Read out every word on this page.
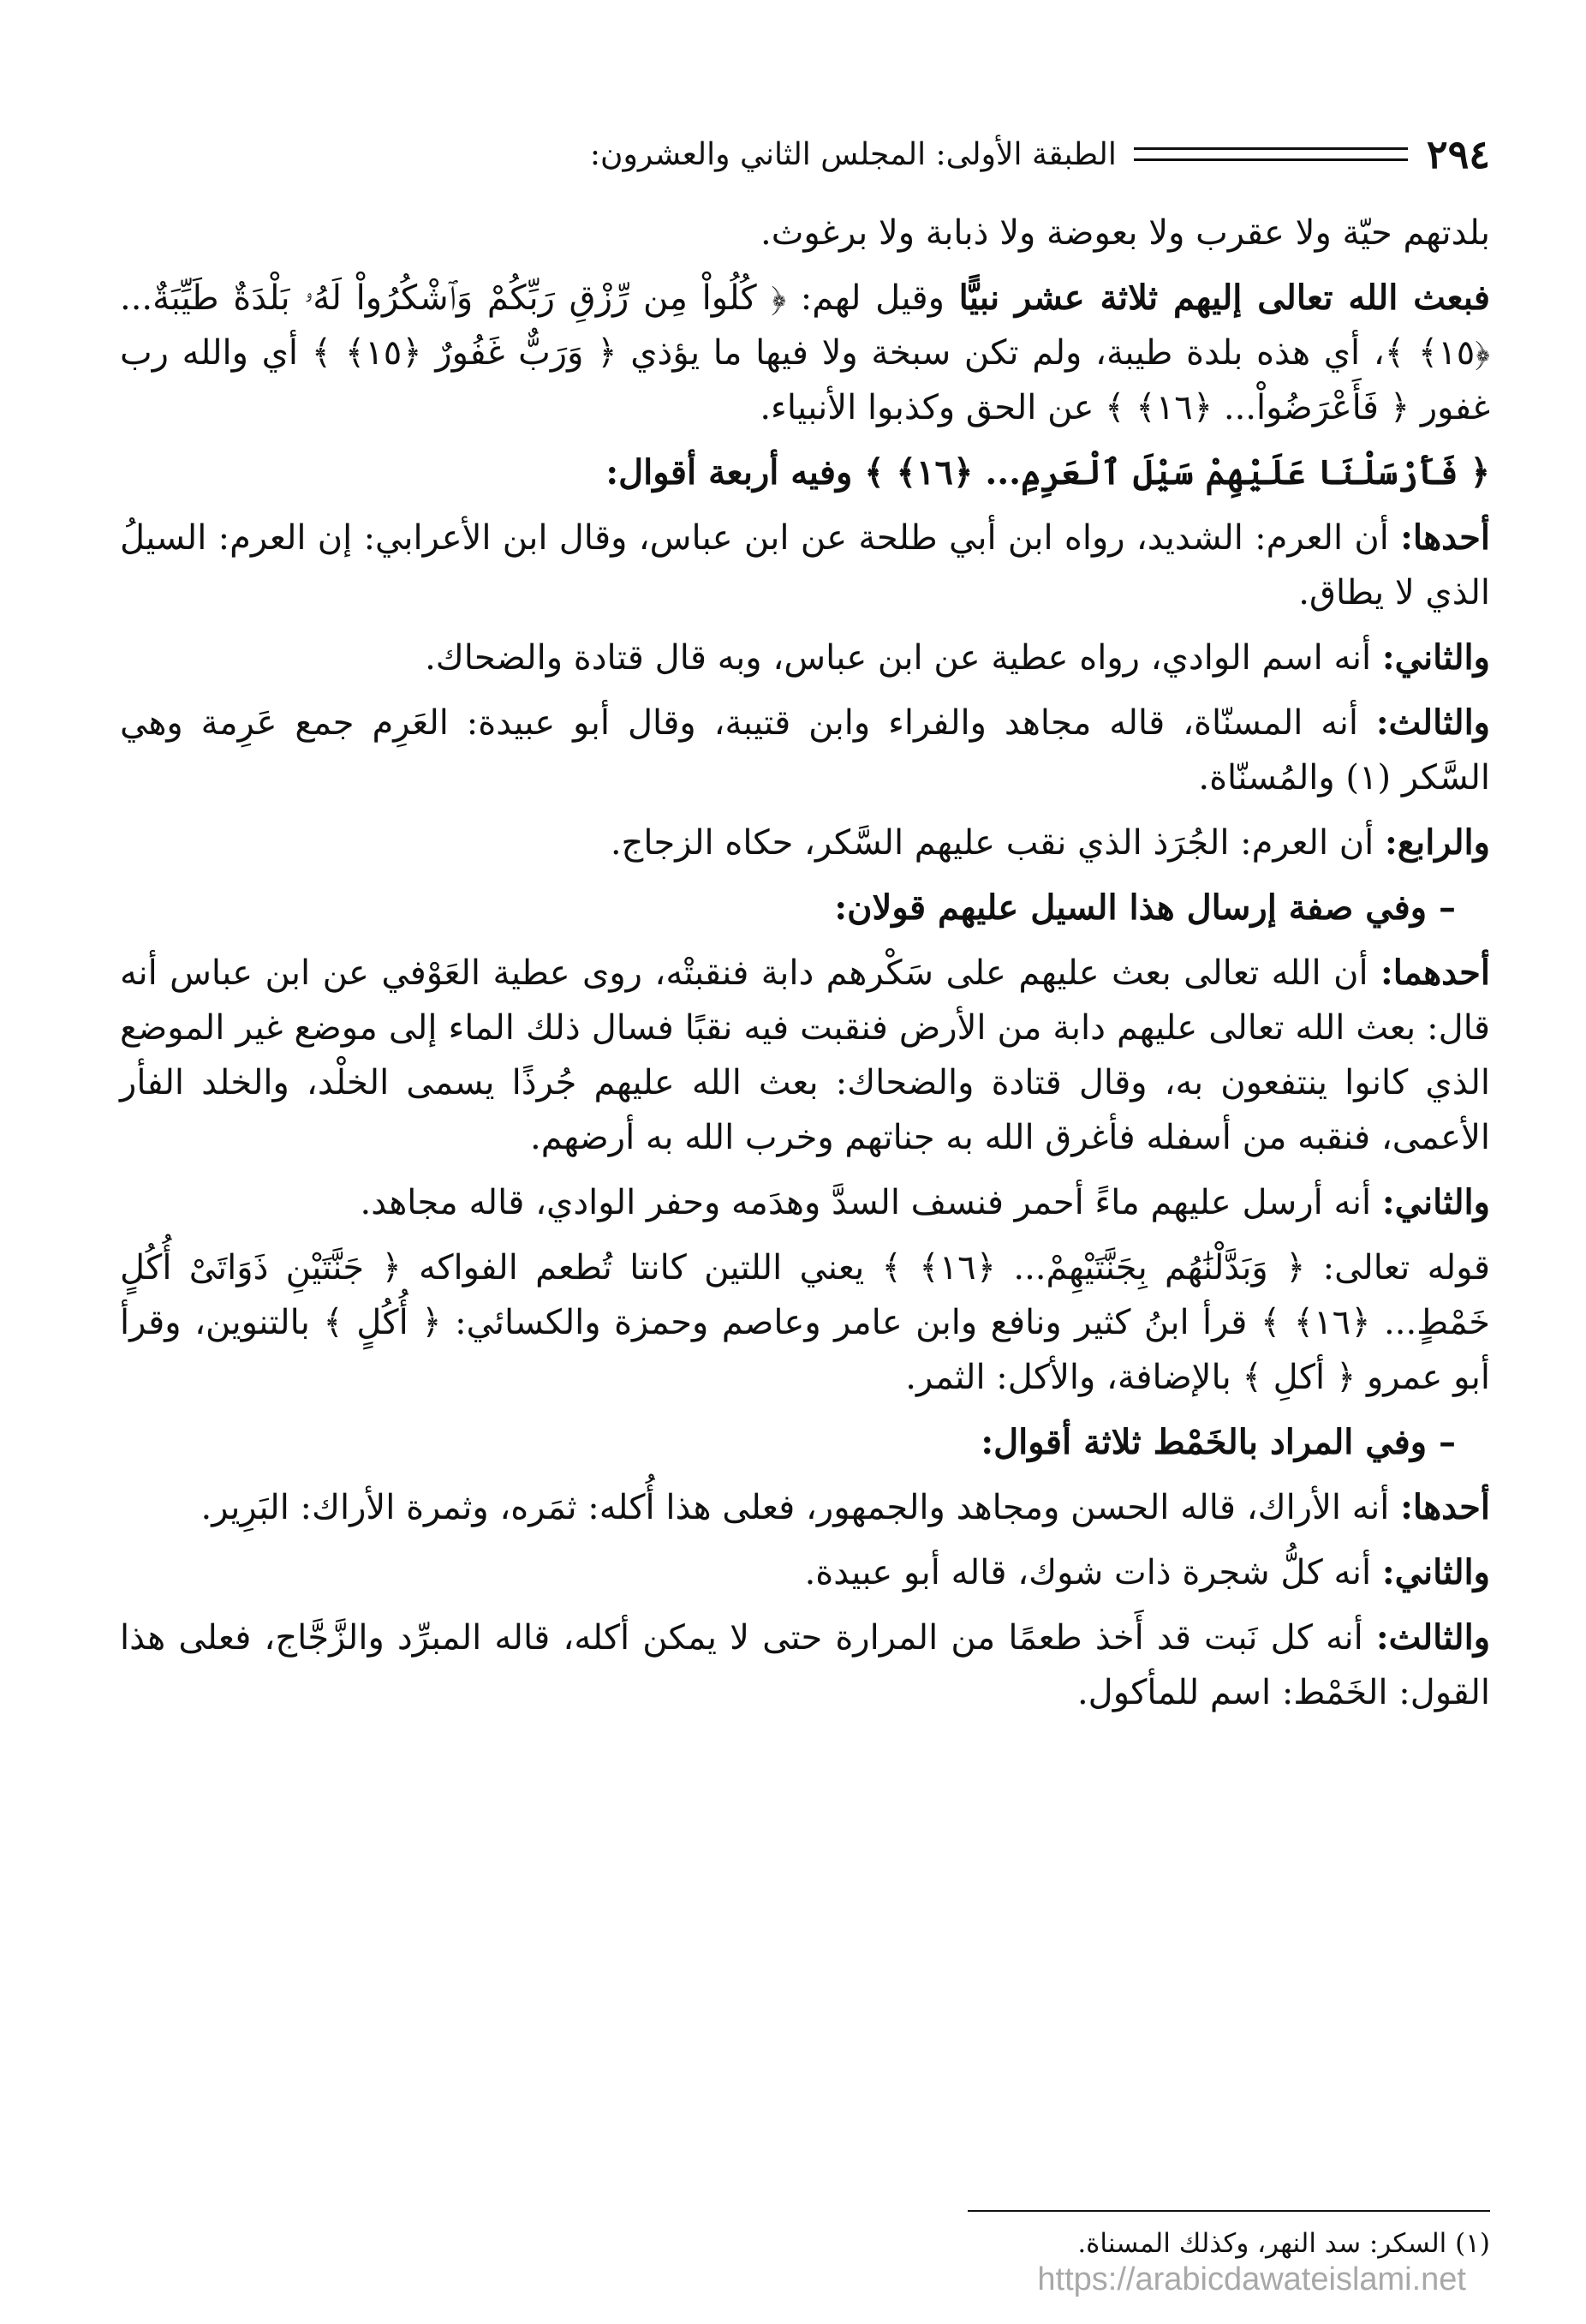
٢٩٤
الطبقة الأولى: المجلس الثاني والعشرون:

بلدتهم حيّة ولا عقرب ولا بعوضة ولا ذبابة ولا برغوث.

فبعث الله تعالى إليهم ثلاثة عشر نبيًّا وقيل لهم: ﴿ كُلُواْ مِن رِّزْقِ رَبِّكُمْ وَٱشْكُرُواْ لَهُۥ بَلْدَةٌ طَيِّبَةٌ... ﴿١٥﴾ ﴾، أي هذه بلدة طيبة، ولم تكن سبخة ولا فيها ما يؤذي ﴿ وَرَبٌّ غَفُورٌ ﴿١٥﴾ ﴾ أي والله رب غفور ﴿ فَأَعْرَضُواْ... ﴿١٦﴾ ﴾ عن الحق وكذبوا الأنبياء.

﴿ فَأَرْسَلْنَا عَلَيْهِمْ سَيْلَ ٱلْعَرِمِ... ﴿١٦﴾ ﴾ وفيه أربعة أقوال:

أحدها: أن العرم: الشديد، رواه ابن أبي طلحة عن ابن عباس، وقال ابن الأعرابي: إن العرم: السيلُ الذي لا يطاق.

والثاني: أنه اسم الوادي، رواه عطية عن ابن عباس، وبه قال قتادة والضحاك.

والثالث: أنه المسنّاة، قاله مجاهد والفراء وابن قتيبة، وقال أبو عبيدة: العَرِم جمع عَرِمة وهي السَّكر (١) والمُسنّاة.

والرابع: أن العرم: الجُرَذ الذي نقب عليهم السَّكر، حكاه الزجاج.

– وفي صفة إرسال هذا السيل عليهم قولان:

أحدهما: أن الله تعالى بعث عليهم على سَكْرهم دابة فنقبتْه، روى عطية العَوْفي عن ابن عباس أنه قال: بعث الله تعالى عليهم دابة من الأرض فنقبت فيه نقبًا فسال ذلك الماء إلى موضع غير الموضع الذي كانوا ينتفعون به، وقال قتادة والضحاك: بعث الله عليهم جُرذًا يسمى الخلْد، والخلد الفأر الأعمى، فنقبه من أسفله فأغرق الله به جناتهم وخرب الله به أرضهم.

والثاني: أنه أرسل عليهم ماءً أحمر فنسف السدَّ وهدَمه وحفر الوادي، قاله مجاهد.

قوله تعالى: ﴿ وَبَدَّلْنَٰهُم بِجَنَّتَيْهِمْ... ﴿١٦﴾ ﴾ يعني اللتين كانتا تُطعم الفواكه ﴿ جَنَّتَيْنِ ذَوَاتَىْ أُكُلٍ خَمْطٍ... ﴿١٦﴾ ﴾ قرأ ابنُ كثير ونافع وابن عامر وعاصم وحمزة والكسائي: ﴿ أُكُلٍ ﴾ بالتنوين، وقرأ أبو عمرو ﴿ أكلِ ﴾ بالإضافة، والأكل: الثمر.

– وفي المراد بالخَمْط ثلاثة أقوال:

أحدها: أنه الأراك، قاله الحسن ومجاهد والجمهور، فعلى هذا أُكله: ثمَره، وثمرة الأراك: البَرِير.

والثاني: أنه كلُّ شجرة ذات شوك، قاله أبو عبيدة.

والثالث: أنه كل نَبت قد أَخذ طعمًا من المرارة حتى لا يمكن أكله، قاله المبرِّد والزَّجَّاج، فعلى هذا القول: الخَمْط: اسم للمأكول.

(١) السكر: سد النهر، وكذلك المسناة.
https://arabicdawateislami.net
